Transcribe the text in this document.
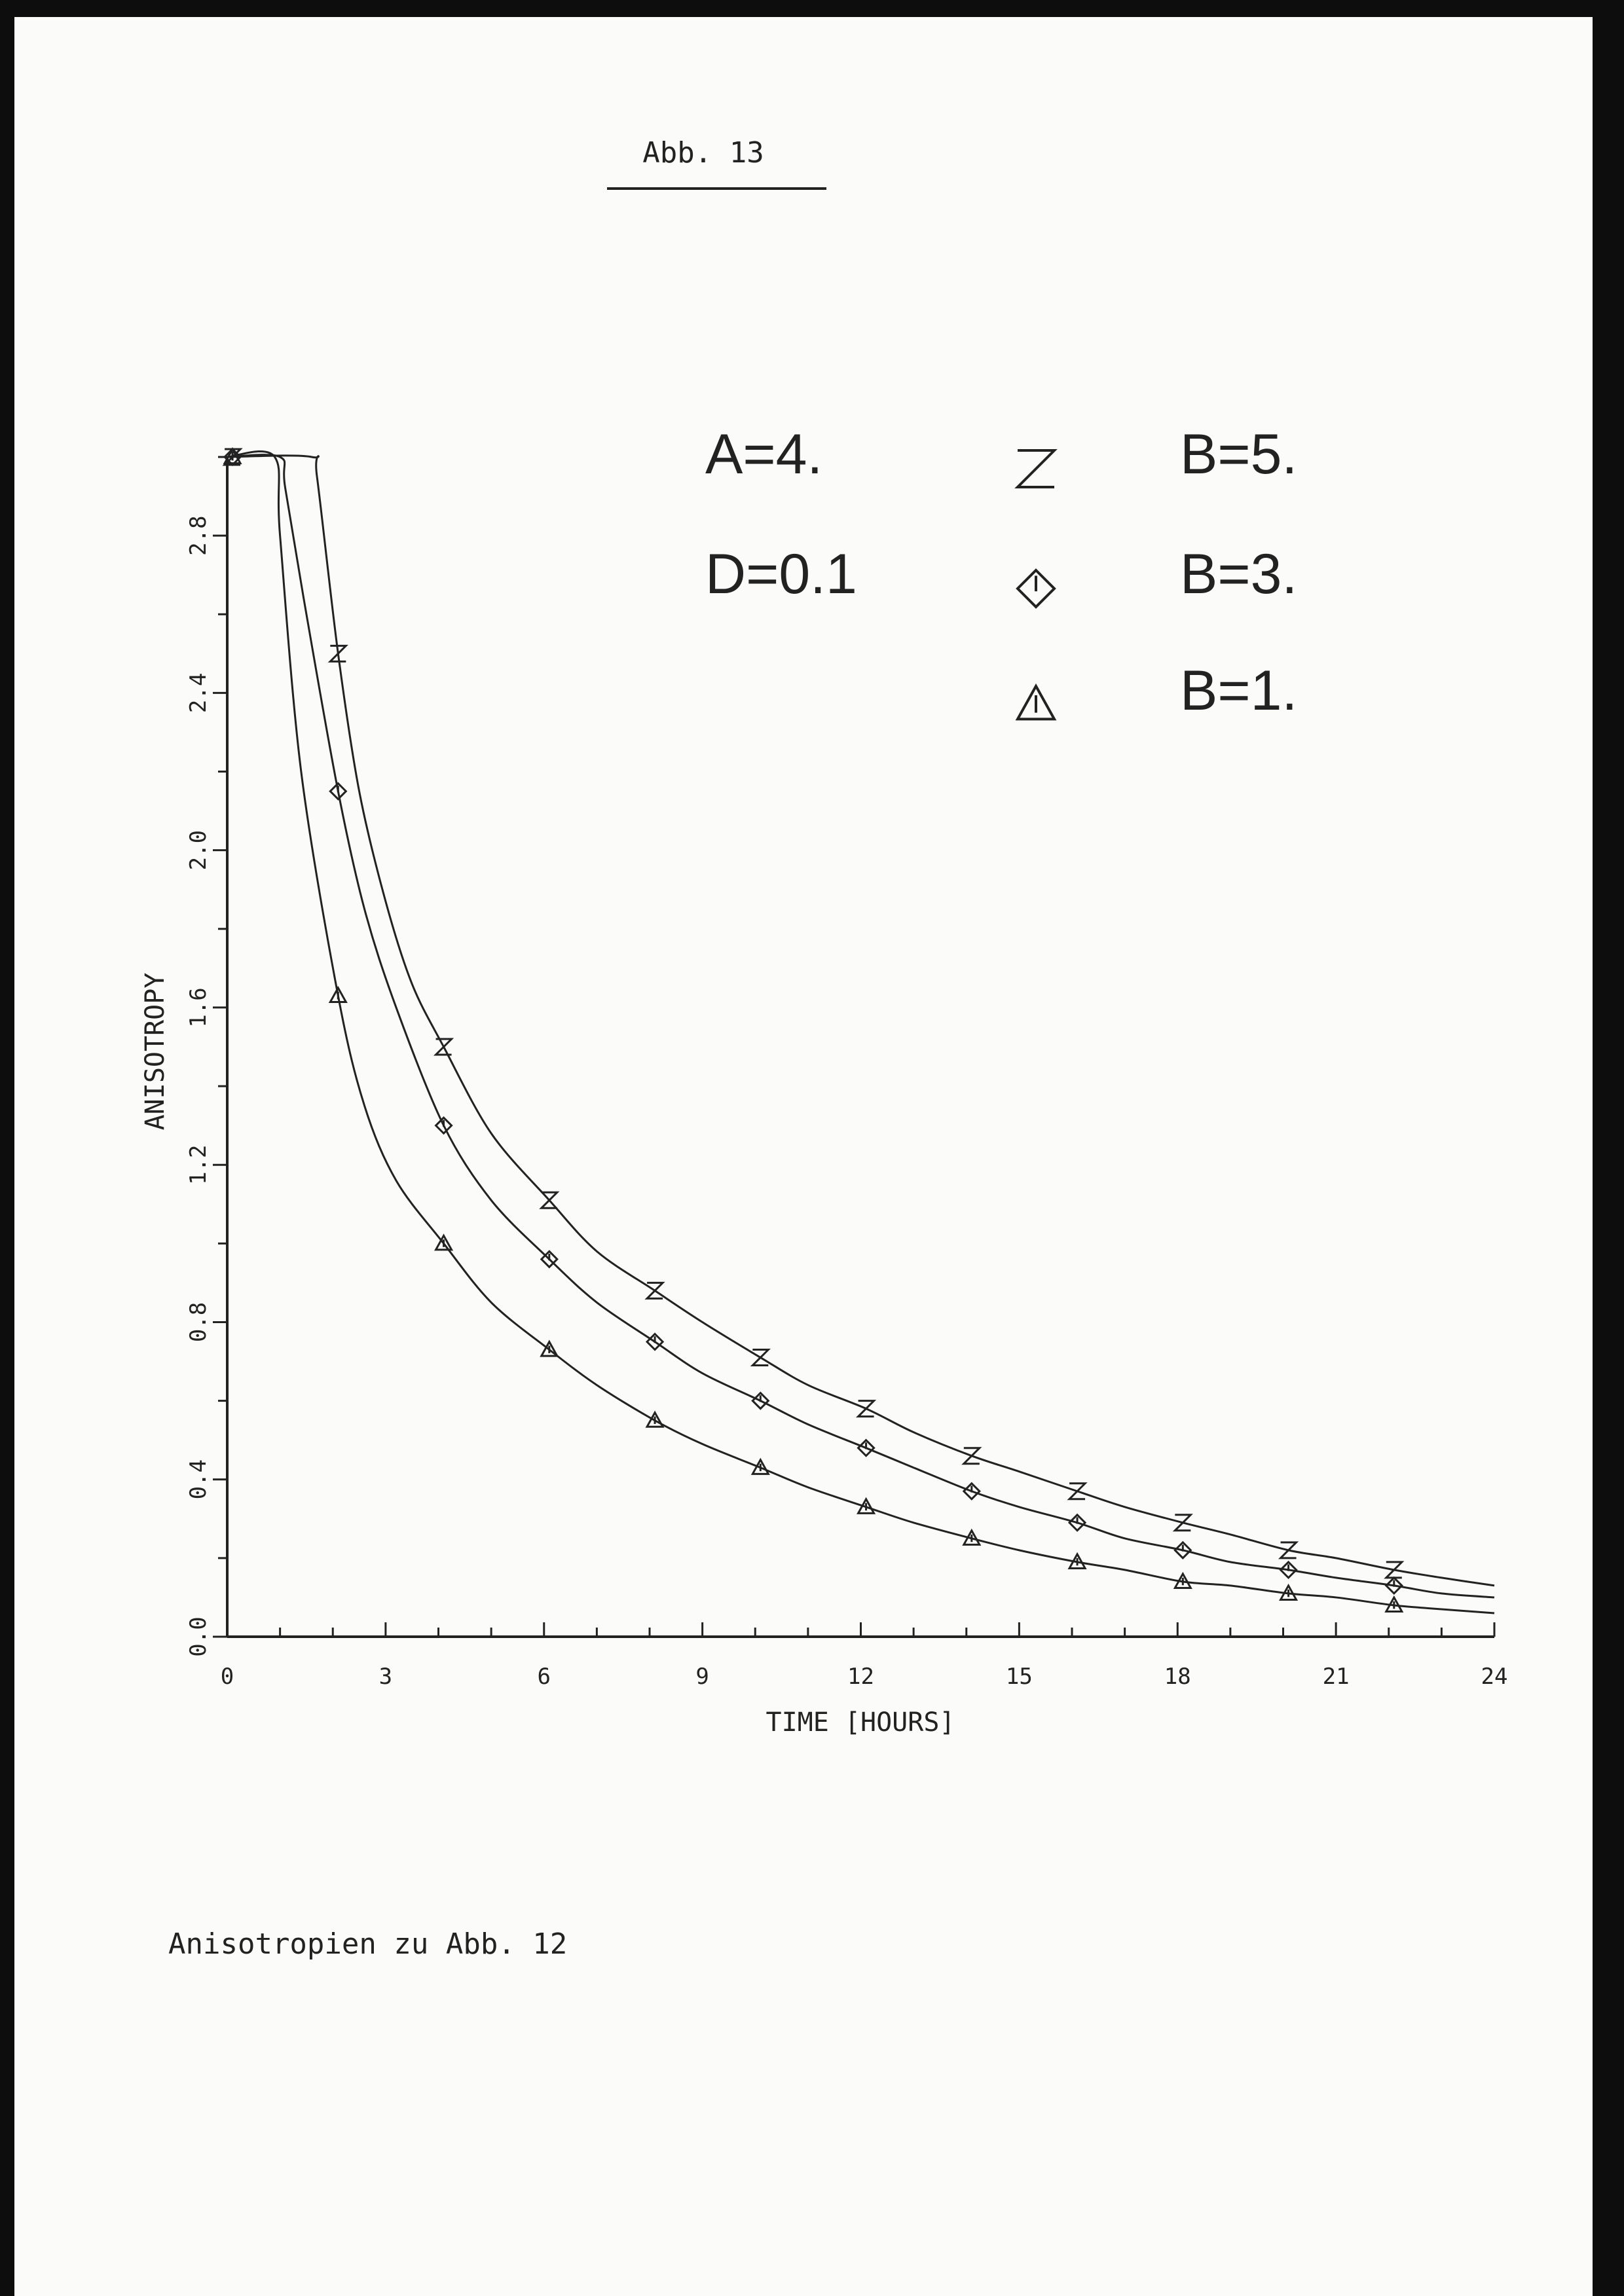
Abb. 13
A=4.
D=0.1
B=5.
B=3.
B=1.
0	3	6	9	12	15	18	21	24
0.0
0.4
0.8
1.2
1.6
2.0
2.4
2.8
TIME [HOURS]
ANISOTROPY
Anisotropien zu Abb. 12
